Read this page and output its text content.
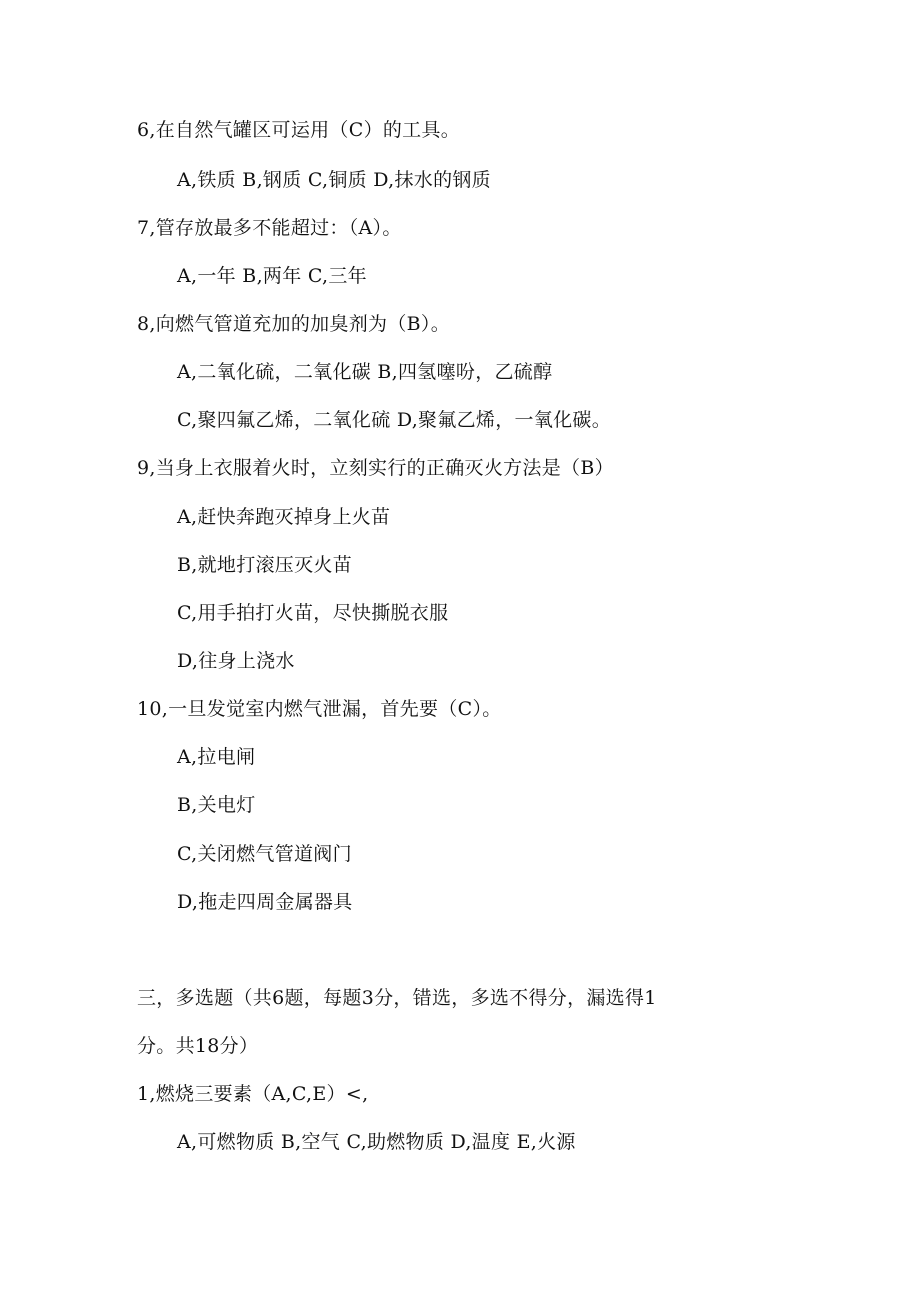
6,在自然气罐区可运用（C）的工具。
A,铁质 B,钢质 C,铜质 D,抹水的钢质
7,管存放最多不能超过：（A）。
A,一年 B,两年 C,三年
8,向燃气管道充加的加臭剂为（B）。
A,二氧化硫，二氧化碳 B,四氢噻吩，乙硫醇
C,聚四氟乙烯，二氧化硫 D,聚氟乙烯，一氧化碳。
9,当身上衣服着火时，立刻实行的正确灭火方法是（B）
A,赶快奔跑灭掉身上火苗
B,就地打滚压灭火苗
C,用手拍打火苗，尽快撕脱衣服
D,往身上浇水
10,一旦发觉室内燃气泄漏，首先要（C）。
A,拉电闸
B,关电灯
C,关闭燃气管道阀门
D,拖走四周金属器具
三，多选题（共6题，每题3分，错选，多选不得分，漏选得1
分。共18分）
1,燃烧三要素（A,C,E）<,
A,可燃物质 B,空气 C,助燃物质 D,温度 E,火源
